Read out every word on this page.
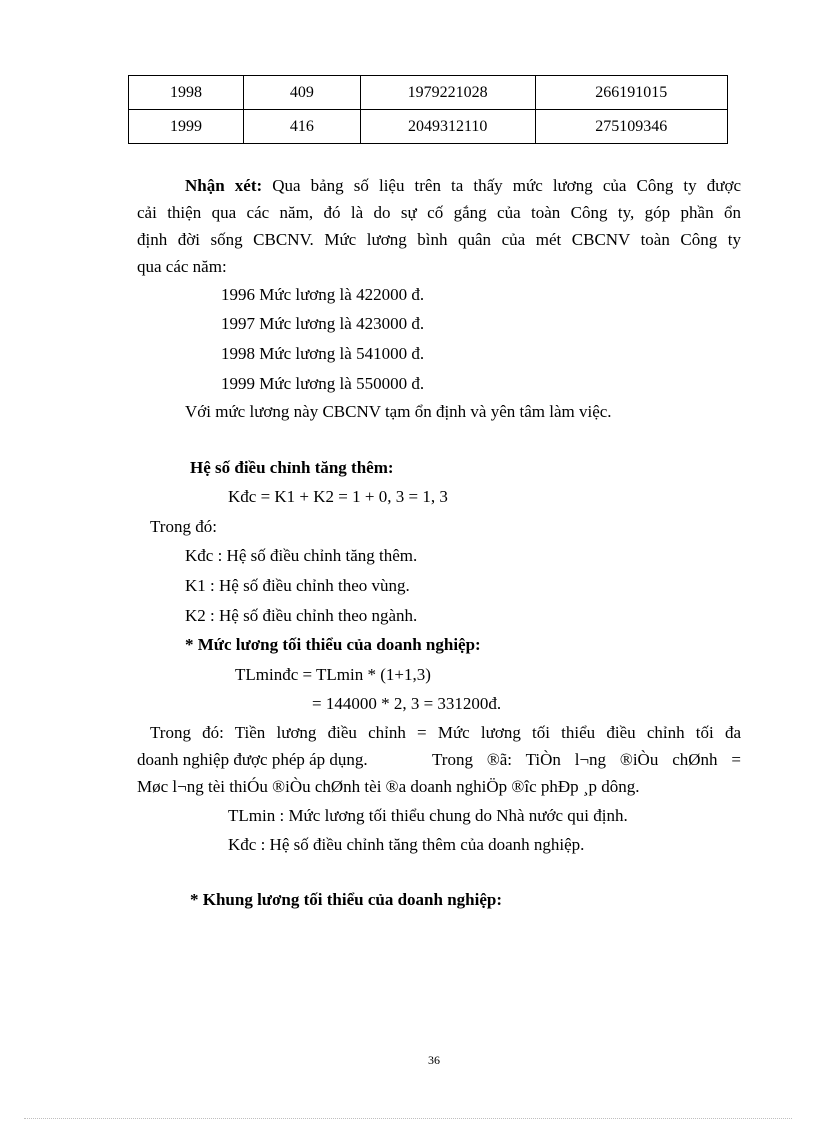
1998	409	1979221028	266191015
1999	416	2049312110	275109346
Nhận xét: Qua bảng số liệu trên ta thấy mức lương của Công ty được
cải thiện qua các năm, đó là do sự cố gắng của toàn Công ty, góp phần ổn
định đời sống CBCNV. Mức lương bình quân của mét CBCNV toàn Công ty
qua các năm:
1996 Mức lương là 422000 đ.
1997 Mức lương là 423000 đ.
1998 Mức lương là 541000 đ.
1999 Mức lương là 550000 đ.
Với mức lương này CBCNV tạm ổn định và yên tâm làm việc.
Hệ số điều chỉnh tăng thêm:
Kđc = K1 + K2 = 1 + 0, 3 = 1, 3
Trong đó:
Kđc : Hệ số điều chỉnh tăng thêm.
K1 : Hệ số điều chỉnh theo vùng.
K2 : Hệ số điều chỉnh theo ngành.
* Mức lương tối thiểu của doanh nghiệp:
TLminđc = TLmin * (1+1,3)
= 144000 * 2, 3 = 331200đ.
Trong đó: Tiền lương điều chỉnh = Mức lương tối thiểu điều chỉnh tối đa
doanh nghiệp được phép áp dụng.	Trong ®ã: TiÒn l¬ng ®iÒu chØnh =
Møc l¬ng tèi thiÓu ®iÒu chØnh tèi ®a doanh nghiÖp ®îc phÐp ¸p dông.
TLmin : Mức lương tối thiểu chung do Nhà nước qui định.
Kđc : Hệ số điều chỉnh tăng thêm của doanh nghiệp.
* Khung lương tối thiểu của doanh nghiệp:
36
